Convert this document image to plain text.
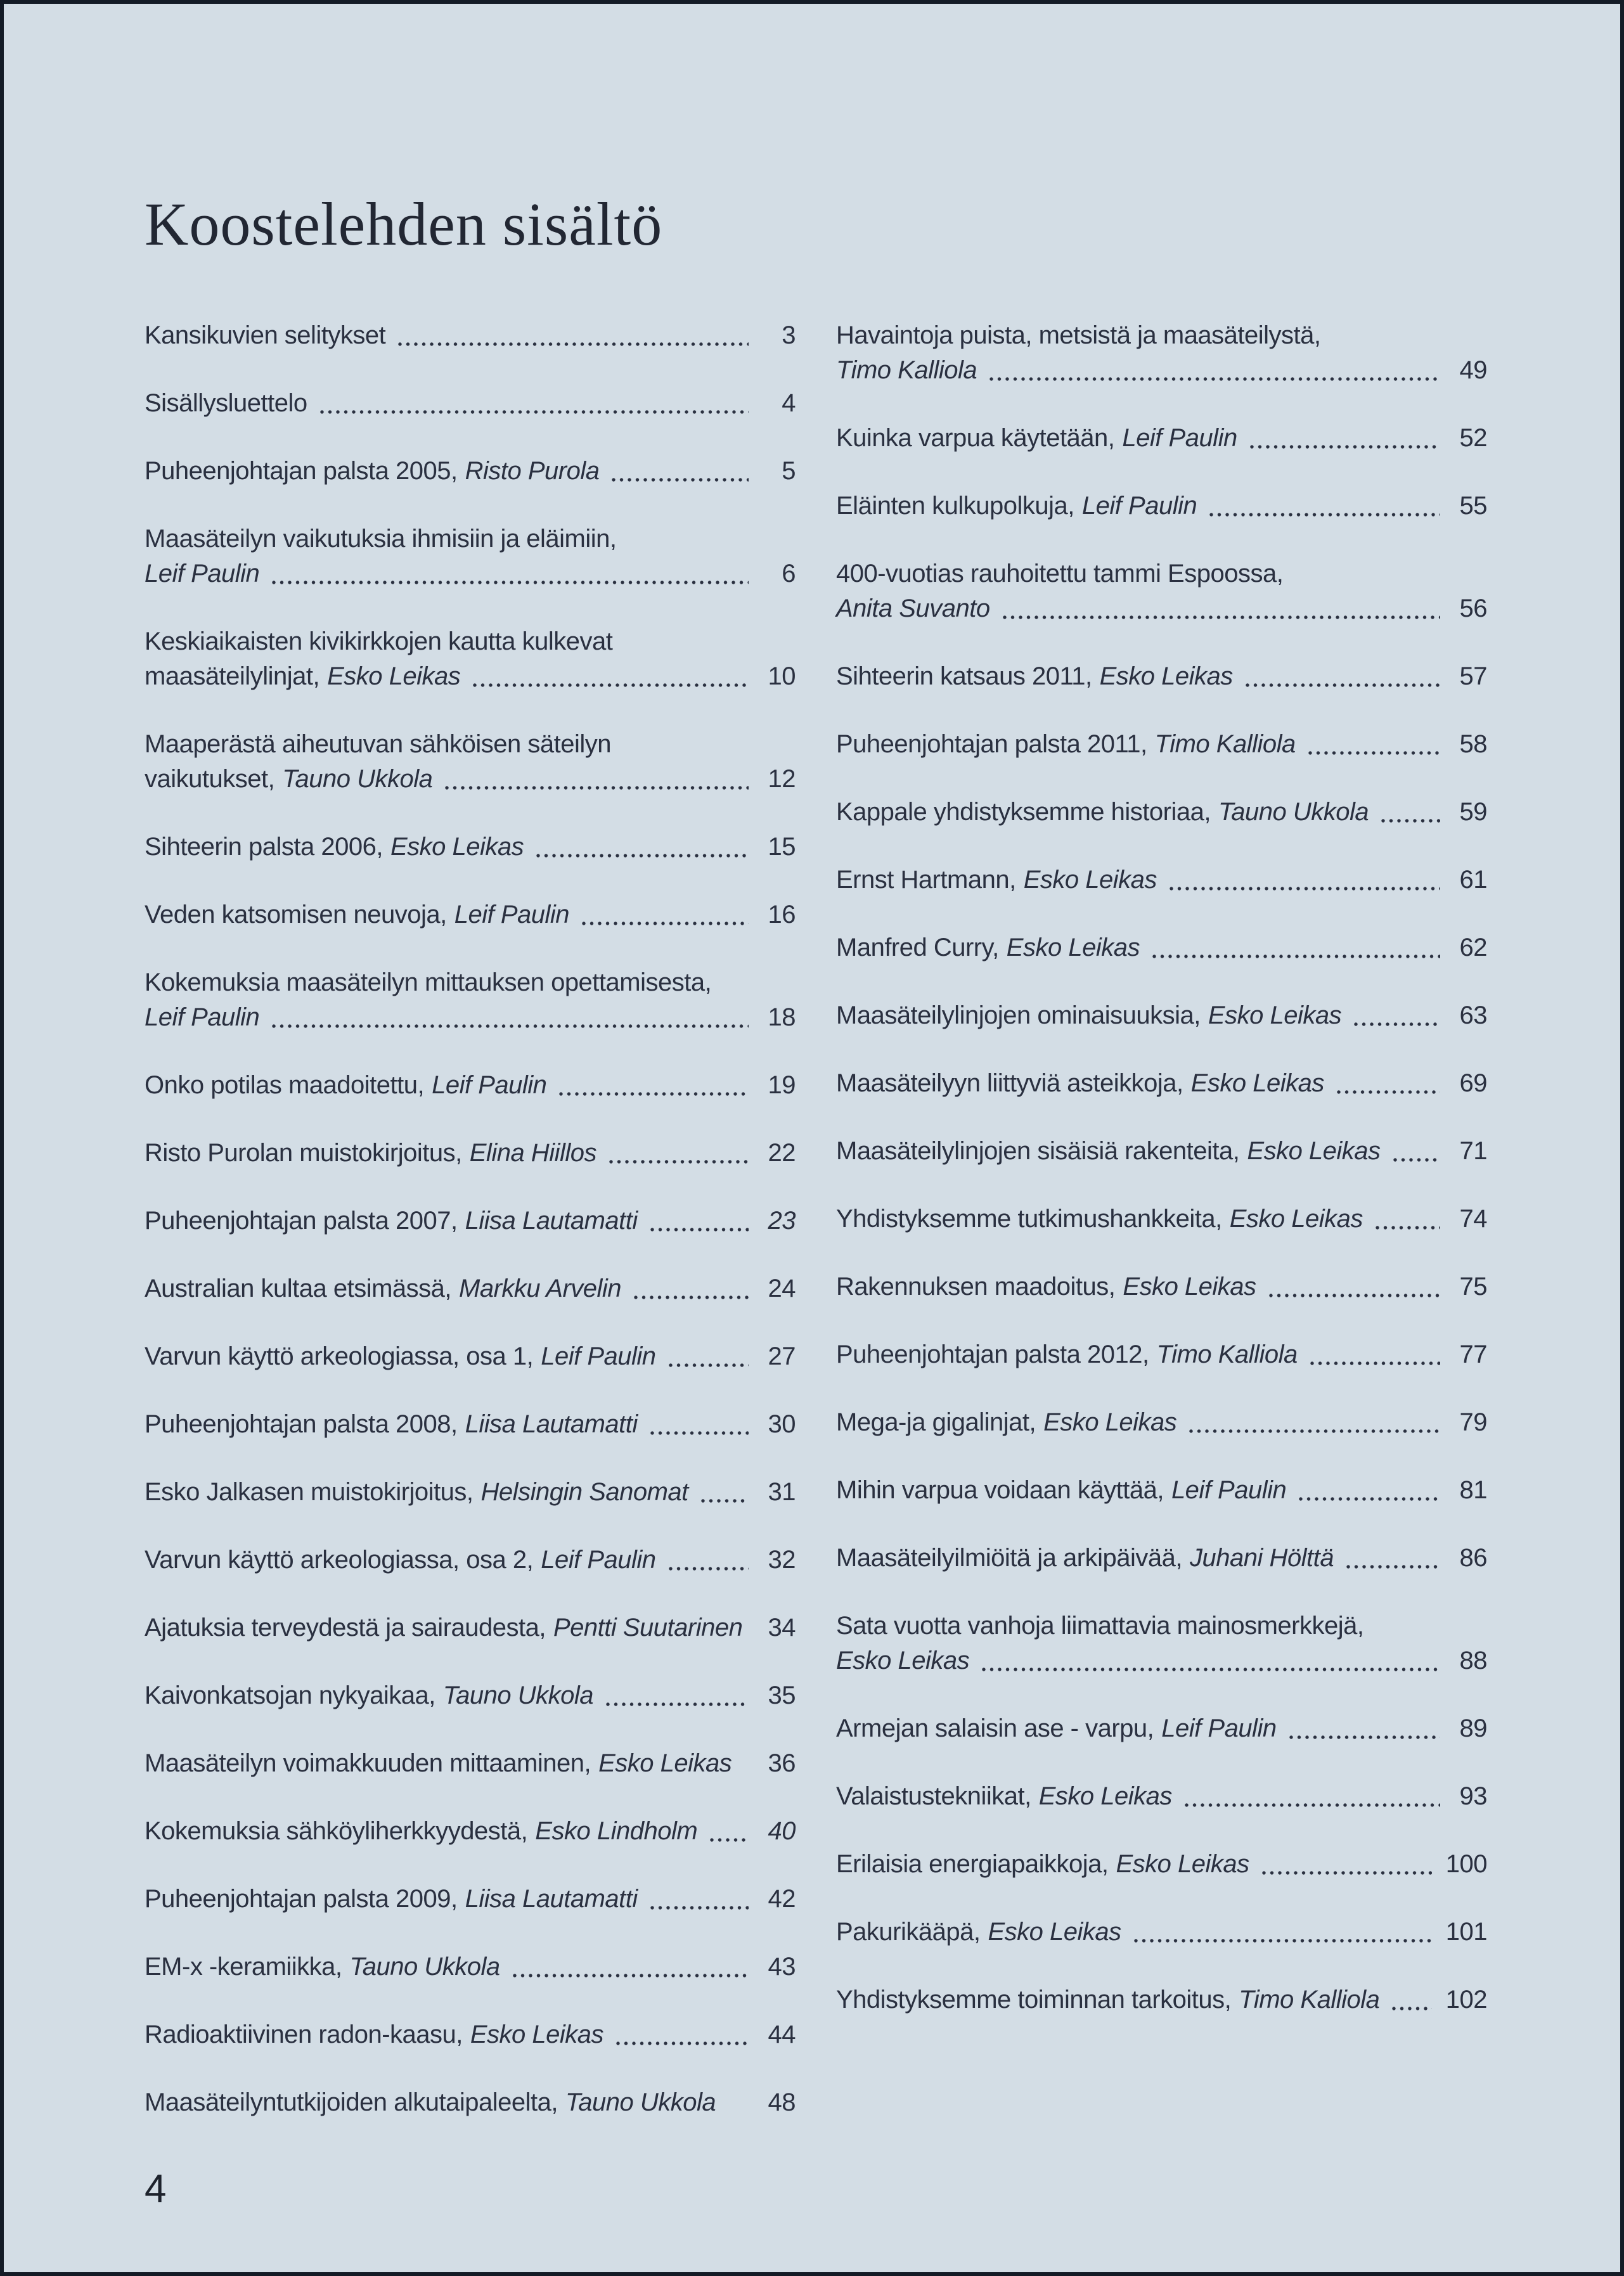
Koostelehden sisältö
Kansikuvien selitykset	3
Sisällysluettelo	4
Puheenjohtajan palsta 2005, Risto Purola	5
Maasäteilyn vaikutuksia ihmisiin ja eläimiin,
Leif Paulin	6
Keskiaikaisten kivikirkkojen kautta kulkevat
maasäteilylinjat, Esko Leikas	10
Maaperästä aiheutuvan sähköisen säteilyn
vaikutukset, Tauno Ukkola	12
Sihteerin palsta 2006, Esko Leikas	15
Veden katsomisen neuvoja, Leif Paulin	16
Kokemuksia maasäteilyn mittauksen opettamisesta,
Leif Paulin	18
Onko potilas maadoitettu, Leif Paulin	19
Risto Purolan muistokirjoitus, Elina Hiillos	22
Puheenjohtajan palsta 2007, Liisa Lautamatti	23
Australian kultaa etsimässä, Markku Arvelin	24
Varvun käyttö arkeologiassa, osa 1, Leif Paulin	27
Puheenjohtajan palsta 2008, Liisa Lautamatti	30
Esko Jalkasen muistokirjoitus, Helsingin Sanomat	31
Varvun käyttö arkeologiassa, osa 2, Leif Paulin	32
Ajatuksia terveydestä ja sairaudesta, Pentti Suutarinen 34
Kaivonkatsojan nykyaikaa, Tauno Ukkola	35
Maasäteilyn voimakkuuden mittaaminen, Esko Leikas 36
Kokemuksia sähköyliherkkyydestä, Esko Lindholm	40
Puheenjohtajan palsta 2009, Liisa Lautamatti	42
EM-x -keramiikka, Tauno Ukkola	43
Radioaktiivinen radon-kaasu, Esko Leikas	44
Maasäteilyntutkijoiden alkutaipaleelta, Tauno Ukkola 48
Havaintoja puista, metsistä ja maasäteilystä,
Timo Kalliola	49
Kuinka varpua käytetään, Leif Paulin	52
Eläinten kulkupolkuja, Leif Paulin	55
400-vuotias rauhoitettu tammi Espoossa,
Anita Suvanto	56
Sihteerin katsaus 2011, Esko Leikas	57
Puheenjohtajan palsta 2011, Timo Kalliola	58
Kappale yhdistyksemme historiaa, Tauno Ukkola	59
Ernst Hartmann, Esko Leikas	61
Manfred Curry, Esko Leikas	62
Maasäteilylinjojen ominaisuuksia, Esko Leikas	63
Maasäteilyyn liittyviä asteikkoja, Esko Leikas	69
Maasäteilylinjojen sisäisiä rakenteita, Esko Leikas	71
Yhdistyksemme tutkimushankkeita, Esko Leikas	74
Rakennuksen maadoitus, Esko Leikas	75
Puheenjohtajan palsta 2012, Timo Kalliola	77
Mega-ja gigalinjat, Esko Leikas	79
Mihin varpua voidaan käyttää, Leif Paulin	81
Maasäteilyilmiöitä ja arkipäivää, Juhani Hölttä	86
Sata vuotta vanhoja liimattavia mainosmerkkejä,
Esko Leikas	88
Armejan salaisin ase - varpu, Leif Paulin	89
Valaistustekniikat, Esko Leikas	93
Erilaisia energiapaikkoja, Esko Leikas	100
Pakurikääpä, Esko Leikas	101
Yhdistyksemme toiminnan tarkoitus, Timo Kalliola	102
4
